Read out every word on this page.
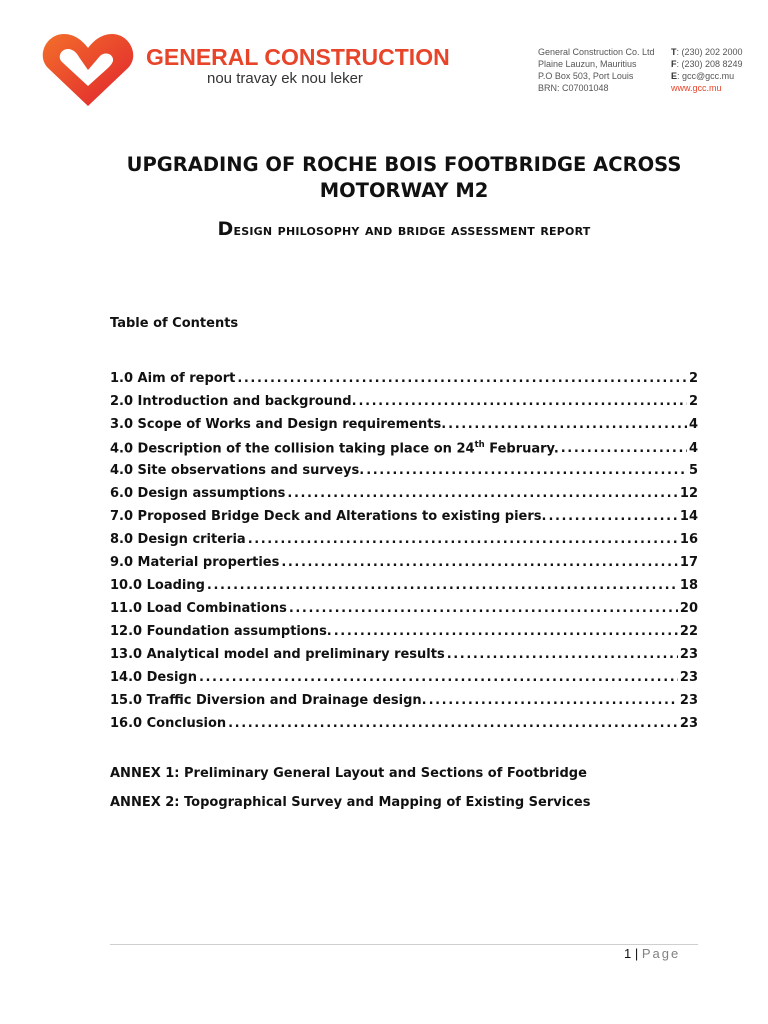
GENERAL CONSTRUCTION
nou travay ek nou leker
General Construction Co. Ltd
Plaine Lauzun, Mauritius
P.O Box 503, Port Louis
BRN: C07001048
T: (230) 202 2000
F: (230) 208 8249
E: gcc@gcc.mu
www.gcc.mu
UPGRADING OF ROCHE BOIS FOOTBRIDGE ACROSS
MOTORWAY M2
Design philosophy and bridge assessment report
Table of Contents
1.0 Aim of report .....	2
2.0 Introduction and background. .....	2
3.0 Scope of Works and Design requirements. .....	4
4.0 Description of the collision taking place on 24th February. .....	4
4.0 Site observations and surveys. .....	5
6.0 Design assumptions .....	12
7.0 Proposed Bridge Deck and Alterations to existing piers. .....	14
8.0 Design criteria .....	16
9.0 Material properties .....	17
10.0 Loading .....	18
11.0 Load Combinations .....	20
12.0 Foundation assumptions. .....	22
13.0 Analytical model and preliminary results .....	23
14.0 Design .....	23
15.0 Traffic Diversion and Drainage design. .....	23
16.0 Conclusion .....	23
ANNEX 1: Preliminary General Layout and Sections of Footbridge
ANNEX 2: Topographical Survey and Mapping of Existing Services
1 | Page
